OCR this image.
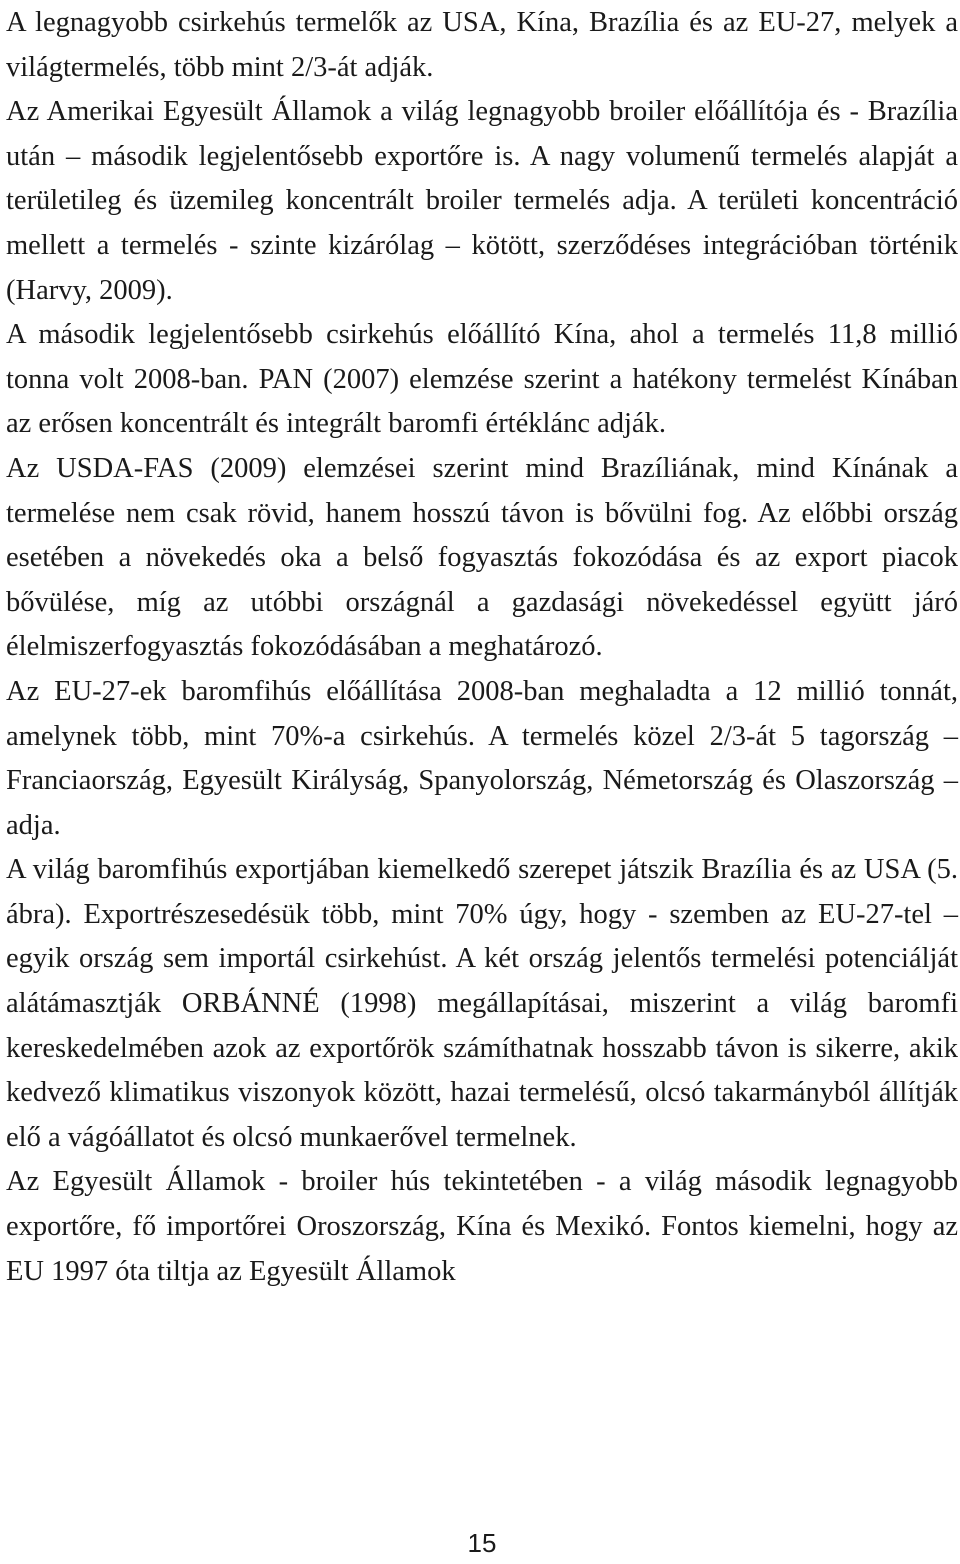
A legnagyobb csirkehús termelők az USA, Kína, Brazília és az EU-27, melyek a világtermelés, több mint 2/3-át adják.

Az Amerikai Egyesült Államok a világ legnagyobb broiler előállítója és - Brazília után – második legjelentősebb exportőre is. A nagy volumenű termelés alapját a területileg és üzemileg koncentrált broiler termelés adja. A területi koncentráció mellett a termelés - szinte kizárólag – kötött, szerződéses integrációban történik (Harvy, 2009).

A második legjelentősebb csirkehús előállító Kína, ahol a termelés 11,8 millió tonna volt 2008-ban. PAN (2007) elemzése szerint a hatékony termelést Kínában az erősen koncentrált és integrált baromfi értéklánc adják.

Az USDA-FAS (2009) elemzései szerint mind Brazíliának, mind Kínának a termelése nem csak rövid, hanem hosszú távon is bővülni fog. Az előbbi ország esetében a növekedés oka a belső fogyasztás fokozódása és az export piacok bővülése, míg az utóbbi országnál a gazdasági növekedéssel együtt járó élelmiszerfogyasztás fokozódásában a meghatározó.

Az EU-27-ek baromfihús előállítása 2008-ban meghaladta a 12 millió tonnát, amelynek több, mint 70%-a csirkehús. A termelés közel 2/3-át 5 tagország – Franciaország, Egyesült Királyság, Spanyolország, Németország és Olaszország – adja.

A világ baromfihús exportjában kiemelkedő szerepet játszik Brazília és az USA (5. ábra). Exportrészesedésük több, mint 70% úgy, hogy - szemben az EU-27-tel – egyik ország sem importál csirkehúst. A két ország jelentős termelési potenciálját alátámasztják ORBÁNNÉ (1998) megállapításai, miszerint a világ baromfi kereskedelmében azok az exportőrök számíthatnak hosszabb távon is sikerre, akik kedvező klimatikus viszonyok között, hazai termelésű, olcsó takarmányból állítják elő a vágóállatot és olcsó munkaerővel termelnek.

Az Egyesült Államok - broiler hús tekintetében - a világ második legnagyobb exportőre, fő importőrei Oroszország, Kína és Mexikó. Fontos kiemelni, hogy az EU 1997 óta tiltja az Egyesült Államok

15
